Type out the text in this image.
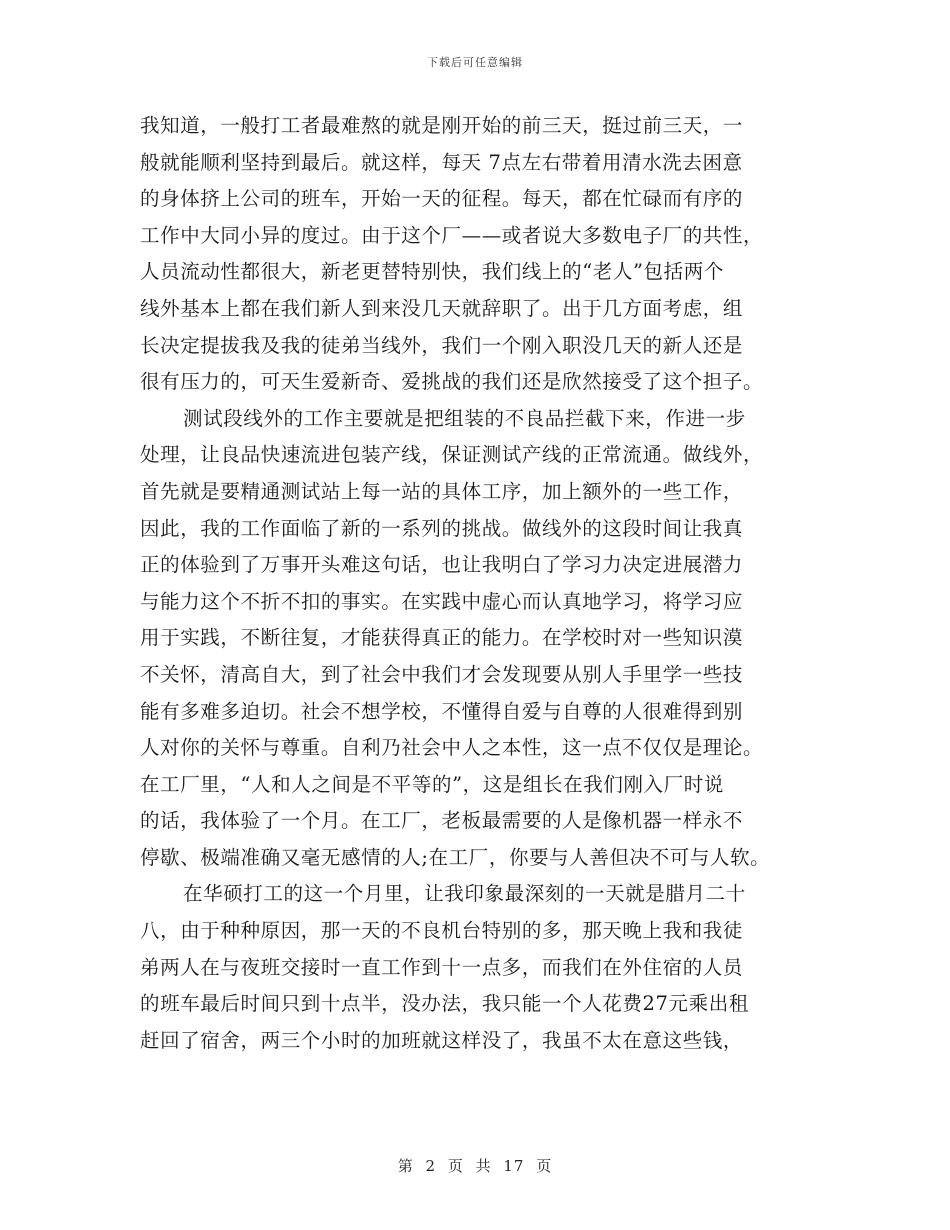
下载后可任意编辑
我知道，一般打工者最难熬的就是刚开始的前三天，挺过前三天，一
般就能顺利坚持到最后。就这样，每天 7点左右带着用清水洗去困意
的身体挤上公司的班车，开始一天的征程。每天，都在忙碌而有序的
工作中大同小异的度过。由于这个厂——或者说大多数电子厂的共性，
人员流动性都很大，新老更替特别快，我们线上的“老人”包括两个
线外基本上都在我们新人到来没几天就辞职了。出于几方面考虑，组
长决定提拔我及我的徒弟当线外，我们一个刚入职没几天的新人还是
很有压力的，可天生爱新奇、爱挑战的我们还是欣然接受了这个担子。
测试段线外的工作主要就是把组装的不良品拦截下来，作进一步
处理，让良品快速流进包装产线，保证测试产线的正常流通。做线外，
首先就是要精通测试站上每一站的具体工序，加上额外的一些工作，
因此，我的工作面临了新的一系列的挑战。做线外的这段时间让我真
正的体验到了万事开头难这句话，也让我明白了学习力决定进展潜力
与能力这个不折不扣的事实。在实践中虚心而认真地学习，将学习应
用于实践，不断往复，才能获得真正的能力。在学校时对一些知识漠
不关怀，清高自大，到了社会中我们才会发现要从别人手里学一些技
能有多难多迫切。社会不想学校，不懂得自爱与自尊的人很难得到别
人对你的关怀与尊重。自利乃社会中人之本性，这一点不仅仅是理论。
在工厂里，“人和人之间是不平等的”，这是组长在我们刚入厂时说
的话，我体验了一个月。在工厂，老板最需要的人是像机器一样永不
停歇、极端准确又毫无感情的人;在工厂，你要与人善但决不可与人软。
在华硕打工的这一个月里，让我印象最深刻的一天就是腊月二十
八，由于种种原因，那一天的不良机台特别的多，那天晚上我和我徒
弟两人在与夜班交接时一直工作到十一点多，而我们在外住宿的人员
的班车最后时间只到十点半，没办法，我只能一个人花费27元乘出租
赶回了宿舍，两三个小时的加班就这样没了，我虽不太在意这些钱，
第 2 页 共 17 页
